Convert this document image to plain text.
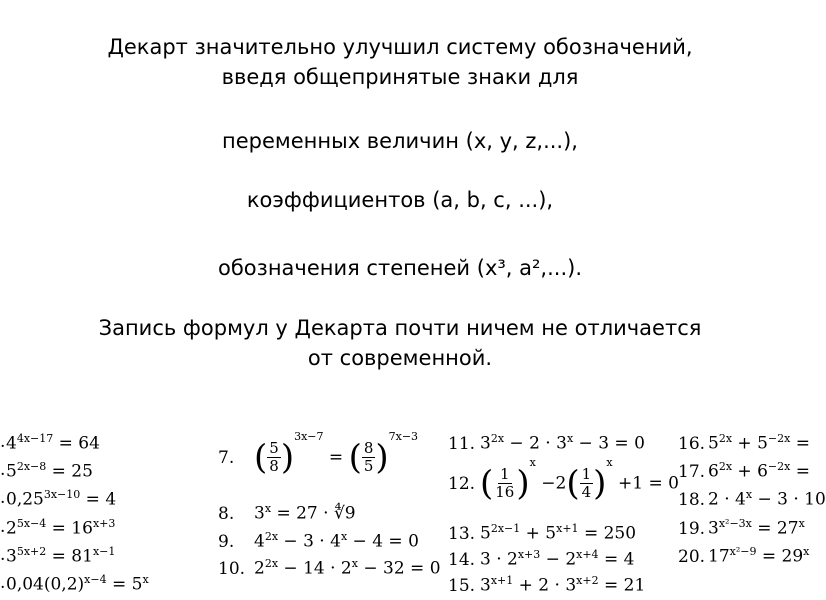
Декарт значительно улучшил систему обозначений,

введя общепринятые знаки для

переменных величин (x, y, z,...),

коэффициентов (a, b, c, ...),

обозначения степеней (x³, a²,...).

Запись формул у Декарта почти ничем не отличается

от современной.

. $4^{4x-17} = 64$
. $5^{2x-8} = 25$
. $0,25^{3x-10} = 4$
. $2^{5x-4} = 16^{x+3}$
. $3^{5x+2} = 81^{x-1}$
. $0,04(0,2)^{x-4} = 5^x$
7. ( $\frac{5}{8} )^{3x-7}$ = ( $\frac{8}{5} )^{7x-3}$
8. $3^x = 27$ · ∜9
9. $4^{2x} - 3 \cdot 4^x - 4 = 0$
10. $2^{2x} - 14 \cdot 2^x - 32 = 0$
11. $3^{2x} - 2 \cdot 3^x - 3 = 0$
12. ( $\frac{1}{16} )^x -2( \frac{1}{4} )^x +1 = 0$
13. $5^{2x-1} + 5^{x+1} = 250$
14. $3 \cdot 2^{x+3} - 2^{x+4} = 4$
15. $3^{x+1} + 2 \cdot 3^{x+2} = 21$
16. $5^{2x} + 5^{-2x}$ =
17. $6^{2x} + 6^{-2x}$ =
18. $2 \cdot 4^x - 3 \cdot 10$
19. $3^{x^2-3x} = 27^x$
20. $17^{x^2-9} = 29^x$
